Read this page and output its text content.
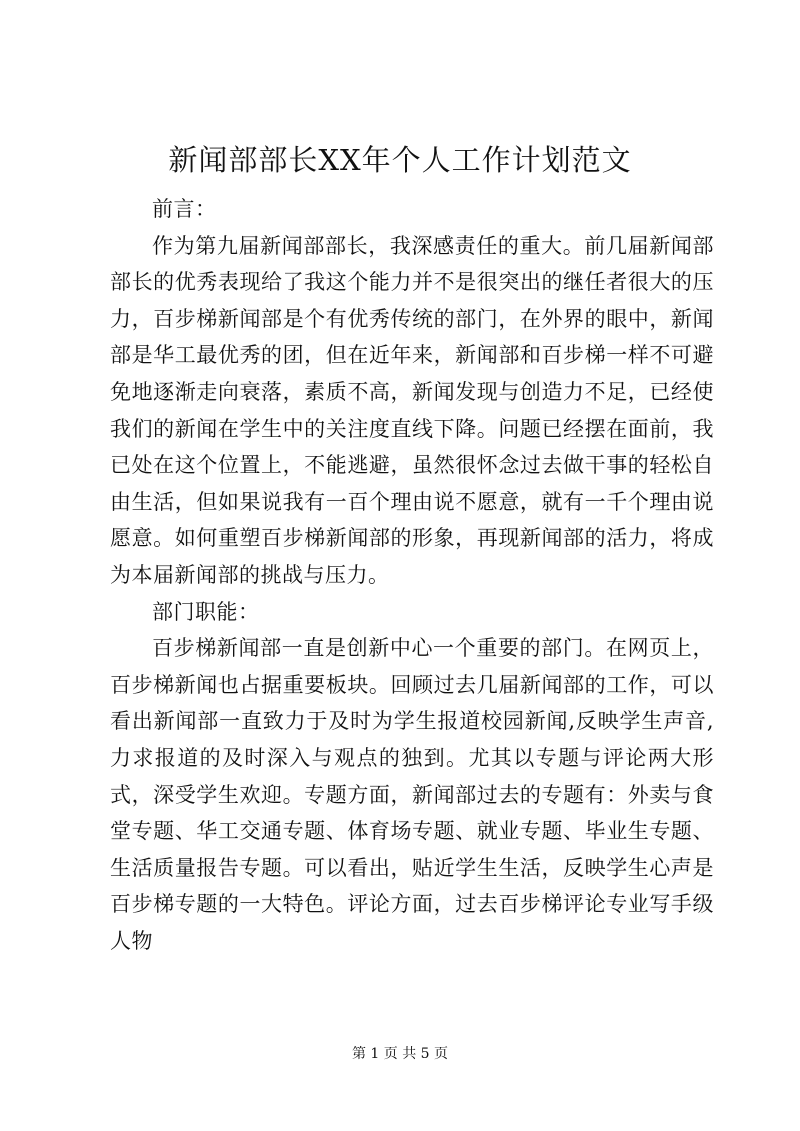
新闻部部长XX年个人工作计划范文

前言：

作为第九届新闻部部长，我深感责任的重大。前几届新闻部部长的优秀表现给了我这个能力并不是很突出的继任者很大的压力，百步梯新闻部是个有优秀传统的部门，在外界的眼中，新闻部是华工最优秀的团，但在近年来，新闻部和百步梯一样不可避免地逐渐走向衰落，素质不高，新闻发现与创造力不足，已经使我们的新闻在学生中的关注度直线下降。问题已经摆在面前，我已处在这个位置上，不能逃避，虽然很怀念过去做干事的轻松自由生活，但如果说我有一百个理由说不愿意，就有一千个理由说愿意。如何重塑百步梯新闻部的形象，再现新闻部的活力，将成为本届新闻部的挑战与压力。

部门职能：

百步梯新闻部一直是创新中心一个重要的部门。在网页上，百步梯新闻也占据重要板块。回顾过去几届新闻部的工作，可以看出新闻部一直致力于及时为学生报道校园新闻,反映学生声音,力求报道的及时深入与观点的独到。尤其以专题与评论两大形式，深受学生欢迎。专题方面，新闻部过去的专题有：外卖与食堂专题、华工交通专题、体育场专题、就业专题、毕业生专题、生活质量报告专题。可以看出，贴近学生生活，反映学生心声是百步梯专题的一大特色。评论方面，过去百步梯评论专业写手级人物

第 1 页 共 5 页
